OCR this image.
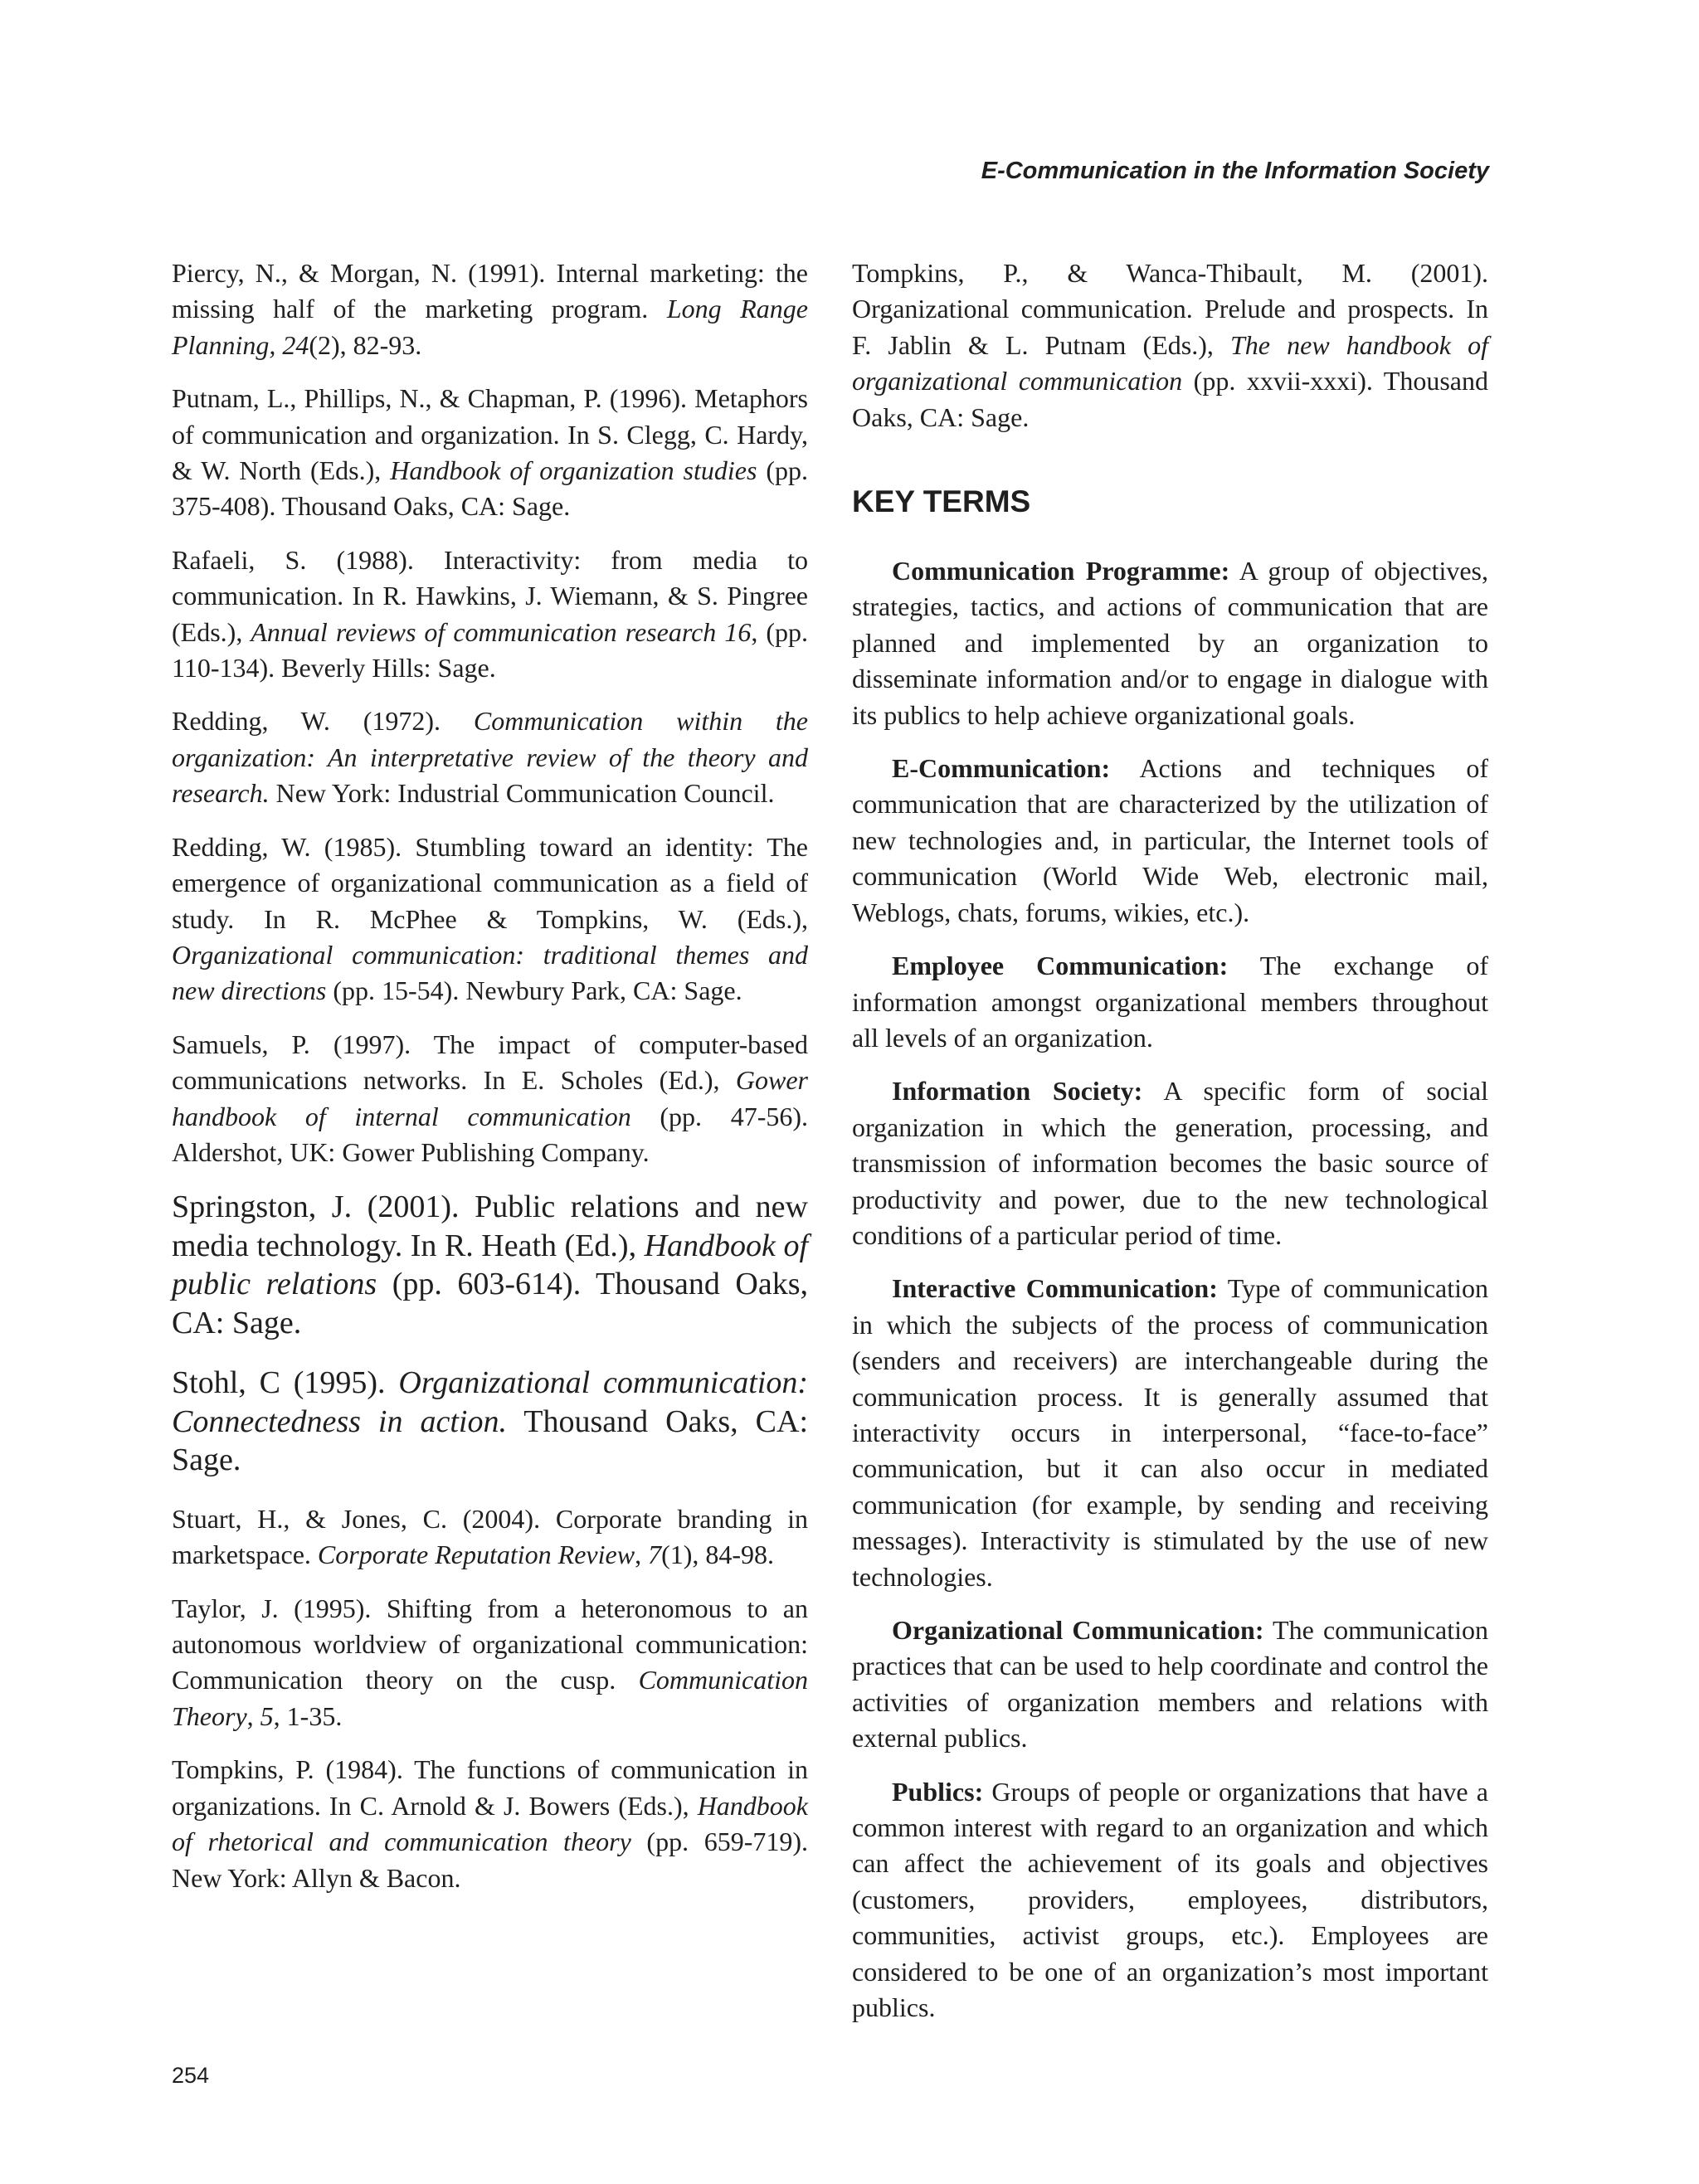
E-Communication in the Information Society

Piercy, N., & Morgan, N. (1991). Internal marketing: the missing half of the marketing program. Long Range Planning, 24(2), 82-93.

Putnam, L., Phillips, N., & Chapman, P. (1996). Metaphors of communication and organization. In S. Clegg, C. Hardy, & W. North (Eds.), Handbook of organization studies (pp. 375-408). Thousand Oaks, CA: Sage.

Rafaeli, S. (1988). Interactivity: from media to communication. In R. Hawkins, J. Wiemann, & S. Pingree (Eds.), Annual reviews of communication research 16, (pp. 110-134). Beverly Hills: Sage.

Redding, W. (1972). Communication within the organization: An interpretative review of the theory and research. New York: Industrial Communication Council.

Redding, W. (1985). Stumbling toward an identity: The emergence of organizational communication as a field of study. In R. McPhee & Tompkins, W. (Eds.), Organizational communication: traditional themes and new directions (pp. 15-54). Newbury Park, CA: Sage.

Samuels, P. (1997). The impact of computer-based communications networks. In E. Scholes (Ed.), Gower handbook of internal communication (pp. 47-56). Aldershot, UK: Gower Publishing Company.

Springston, J. (2001). Public relations and new media technology. In R. Heath (Ed.), Handbook of public relations (pp. 603-614). Thousand Oaks, CA: Sage.

Stohl, C (1995). Organizational communication: Connectedness in action. Thousand Oaks, CA: Sage.

Stuart, H., & Jones, C. (2004). Corporate branding in marketspace. Corporate Reputation Review, 7(1), 84-98.

Taylor, J. (1995). Shifting from a heteronomous to an autonomous worldview of organizational communication: Communication theory on the cusp. Communication Theory, 5, 1-35.

Tompkins, P. (1984). The functions of communication in organizations. In C. Arnold & J. Bowers (Eds.), Handbook of rhetorical and communication theory (pp. 659-719). New York: Allyn & Bacon.

Tompkins, P., & Wanca-Thibault, M. (2001). Organizational communication. Prelude and prospects. In F. Jablin & L. Putnam (Eds.), The new handbook of organizational communication (pp. xxvii-xxxi). Thousand Oaks, CA: Sage.

KEY TERMS

Communication Programme: A group of objectives, strategies, tactics, and actions of communication that are planned and implemented by an organization to disseminate information and/or to engage in dialogue with its publics to help achieve organizational goals.

E-Communication: Actions and techniques of communication that are characterized by the utilization of new technologies and, in particular, the Internet tools of communication (World Wide Web, electronic mail, Weblogs, chats, forums, wikies, etc.).

Employee Communication: The exchange of information amongst organizational members throughout all levels of an organization.

Information Society: A specific form of social organization in which the generation, processing, and transmission of information becomes the basic source of productivity and power, due to the new technological conditions of a particular period of time.

Interactive Communication: Type of communication in which the subjects of the process of communication (senders and receivers) are interchangeable during the communication process. It is generally assumed that interactivity occurs in interpersonal, “face-to-face” communication, but it can also occur in mediated communication (for example, by sending and receiving messages). Interactivity is stimulated by the use of new technologies.

Organizational Communication: The communication practices that can be used to help coordinate and control the activities of organization members and relations with external publics.

Publics: Groups of people or organizations that have a common interest with regard to an organization and which can affect the achievement of its goals and objectives (customers, providers, employees, distributors, communities, activist groups, etc.). Employees are considered to be one of an organization’s most important publics.

254
